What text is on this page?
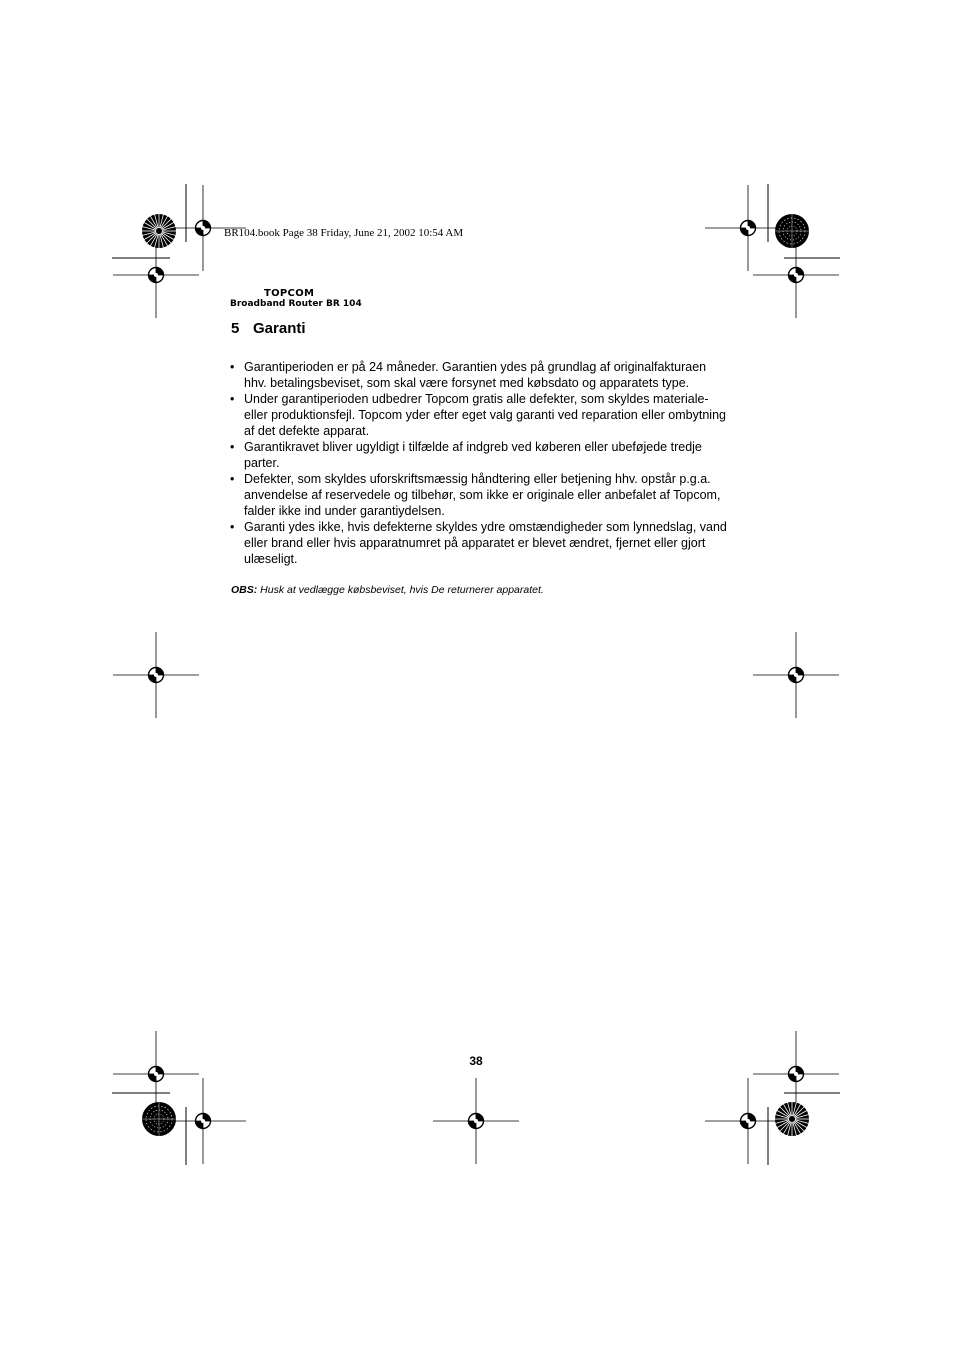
BR104.book Page 38 Friday, June 21, 2002 10:54 AM
TOPCOM
Broadband Router BR 104
5 Garanti
• Garantiperioden er på 24 måneder. Garantien ydes på grundlag af originalfakturaen hhv. betalingsbeviset, som skal være forsynet med købsdato og apparatets type.
• Under garantiperioden udbedrer Topcom gratis alle defekter, som skyldes materiale- eller produktionsfejl. Topcom yder efter eget valg garanti ved reparation eller ombytning af det defekte apparat.
• Garantikravet bliver ugyldigt i tilfælde af indgreb ved køberen eller ubeføjede tredje parter.
• Defekter, som skyldes uforskriftsmæssig håndtering eller betjening hhv. opstår p.g.a. anvendelse af reservedele og tilbehør, som ikke er originale eller anbefalet af Topcom, falder ikke ind under garantiydelsen.
• Garanti ydes ikke, hvis defekterne skyldes ydre omstændigheder som lynnedslag, vand eller brand eller hvis apparatnumret på apparatet er blevet ændret, fjernet eller gjort ulæseligt.
OBS: Husk at vedlægge købsbeviset, hvis De returnerer apparatet.
38
